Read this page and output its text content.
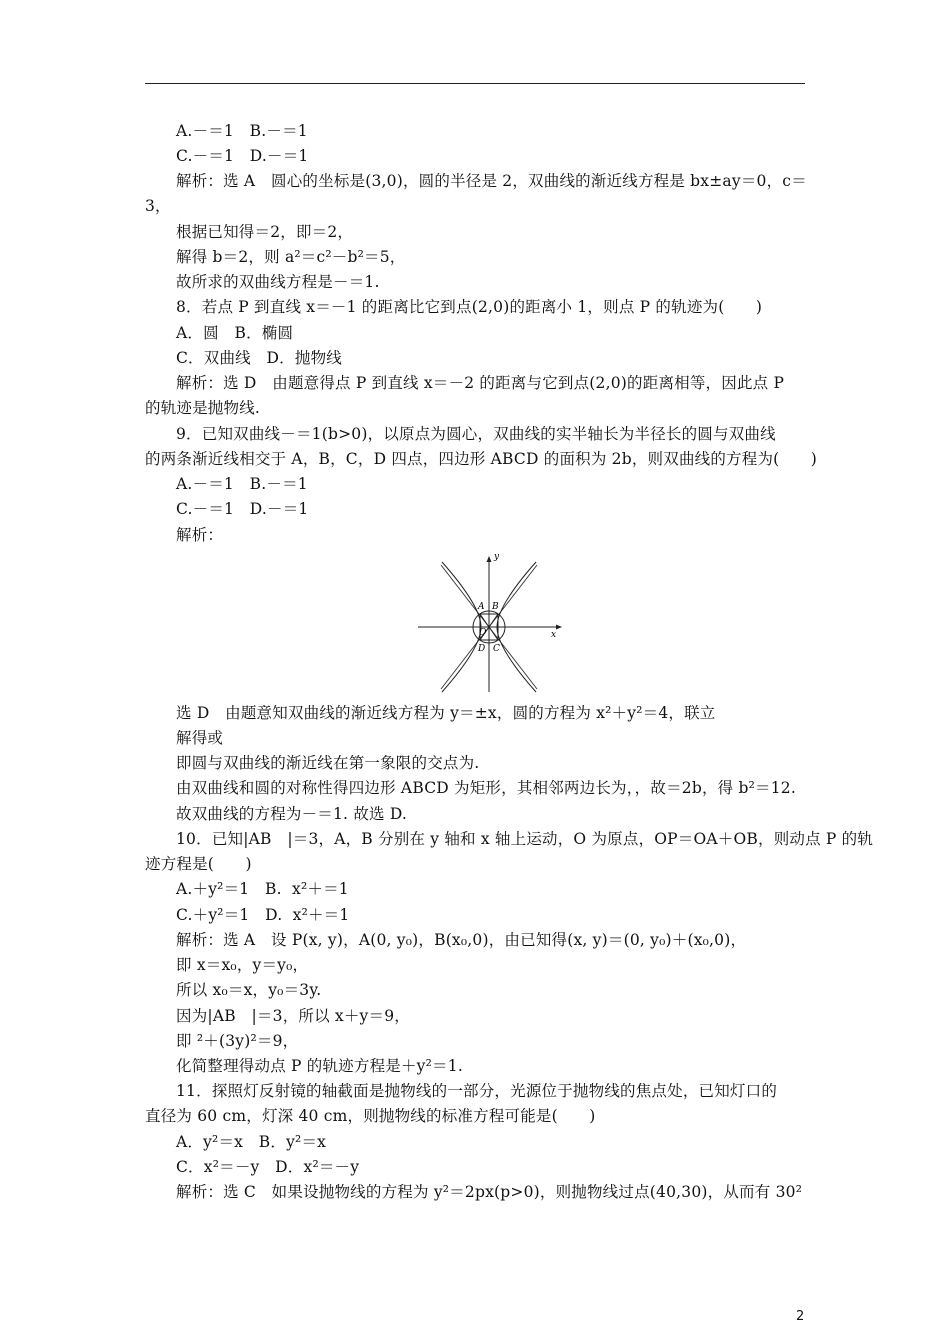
A.－＝1　B.－＝1
C.－＝1　D.－＝1
解析：选 A　圆心的坐标是(3,0)，圆的半径是 2，双曲线的渐近线方程是 bx±ay＝0，c＝
3，
根据已知得＝2，即＝2，
解得 b＝2，则 a²＝c²－b²＝5，
故所求的双曲线方程是－＝1.
8．若点 P 到直线 x＝－1 的距离比它到点(2,0)的距离小 1，则点 P 的轨迹为(　　)
A．圆　B．椭圆
C．双曲线　D．抛物线
解析：选 D　由题意得点 P 到直线 x＝－2 的距离与它到点(2,0)的距离相等，因此点 P
的轨迹是抛物线.
9．已知双曲线－＝1(b>0)，以原点为圆心，双曲线的实半轴长为半径长的圆与双曲线
的两条渐近线相交于 A，B，C，D 四点，四边形 ABCD 的面积为 2b，则双曲线的方程为(　　)
A.－＝1　B.－＝1
C.－＝1　D.－＝1
解析：
y
x
O
A B
C
D
选 D　由题意知双曲线的渐近线方程为 y＝±x，圆的方程为 x²＋y²＝4，联立
解得或
即圆与双曲线的渐近线在第一象限的交点为.
由双曲线和圆的对称性得四边形 ABCD 为矩形，其相邻两边长为，，故＝2b，得 b²＝12.
故双曲线的方程为－＝1. 故选 D.
10．已知|AB　|＝3，A，B 分别在 y 轴和 x 轴上运动，O 为原点，OP＝OA＋OB，则动点 P 的轨
迹方程是(　　)
A.＋y²＝1　B.  x²＋＝1
C.＋y²＝1　D.  x²＋＝1
解析：选 A　设 P(x, y)，A(0, y₀)，B(x₀,0)，由已知得(x, y)＝(0, y₀)＋(x₀,0)，
即 x＝x₀，y＝y₀，
所以 x₀＝x，y₀＝3y.
因为|AB　|＝3，所以 x＋y＝9，
即 ²＋(3y)²＝9，
化简整理得动点 P 的轨迹方程是＋y²＝1.
11．探照灯反射镜的轴截面是抛物线的一部分，光源位于抛物线的焦点处，已知灯口的
直径为 60 cm，灯深 40 cm，则抛物线的标准方程可能是(　　)
A．y²＝x　B．y²＝x
C．x²＝－y　D．x²＝－y
解析：选 C　如果设抛物线的方程为 y²＝2px(p>0)，则抛物线过点(40,30)，从而有 30²
2
